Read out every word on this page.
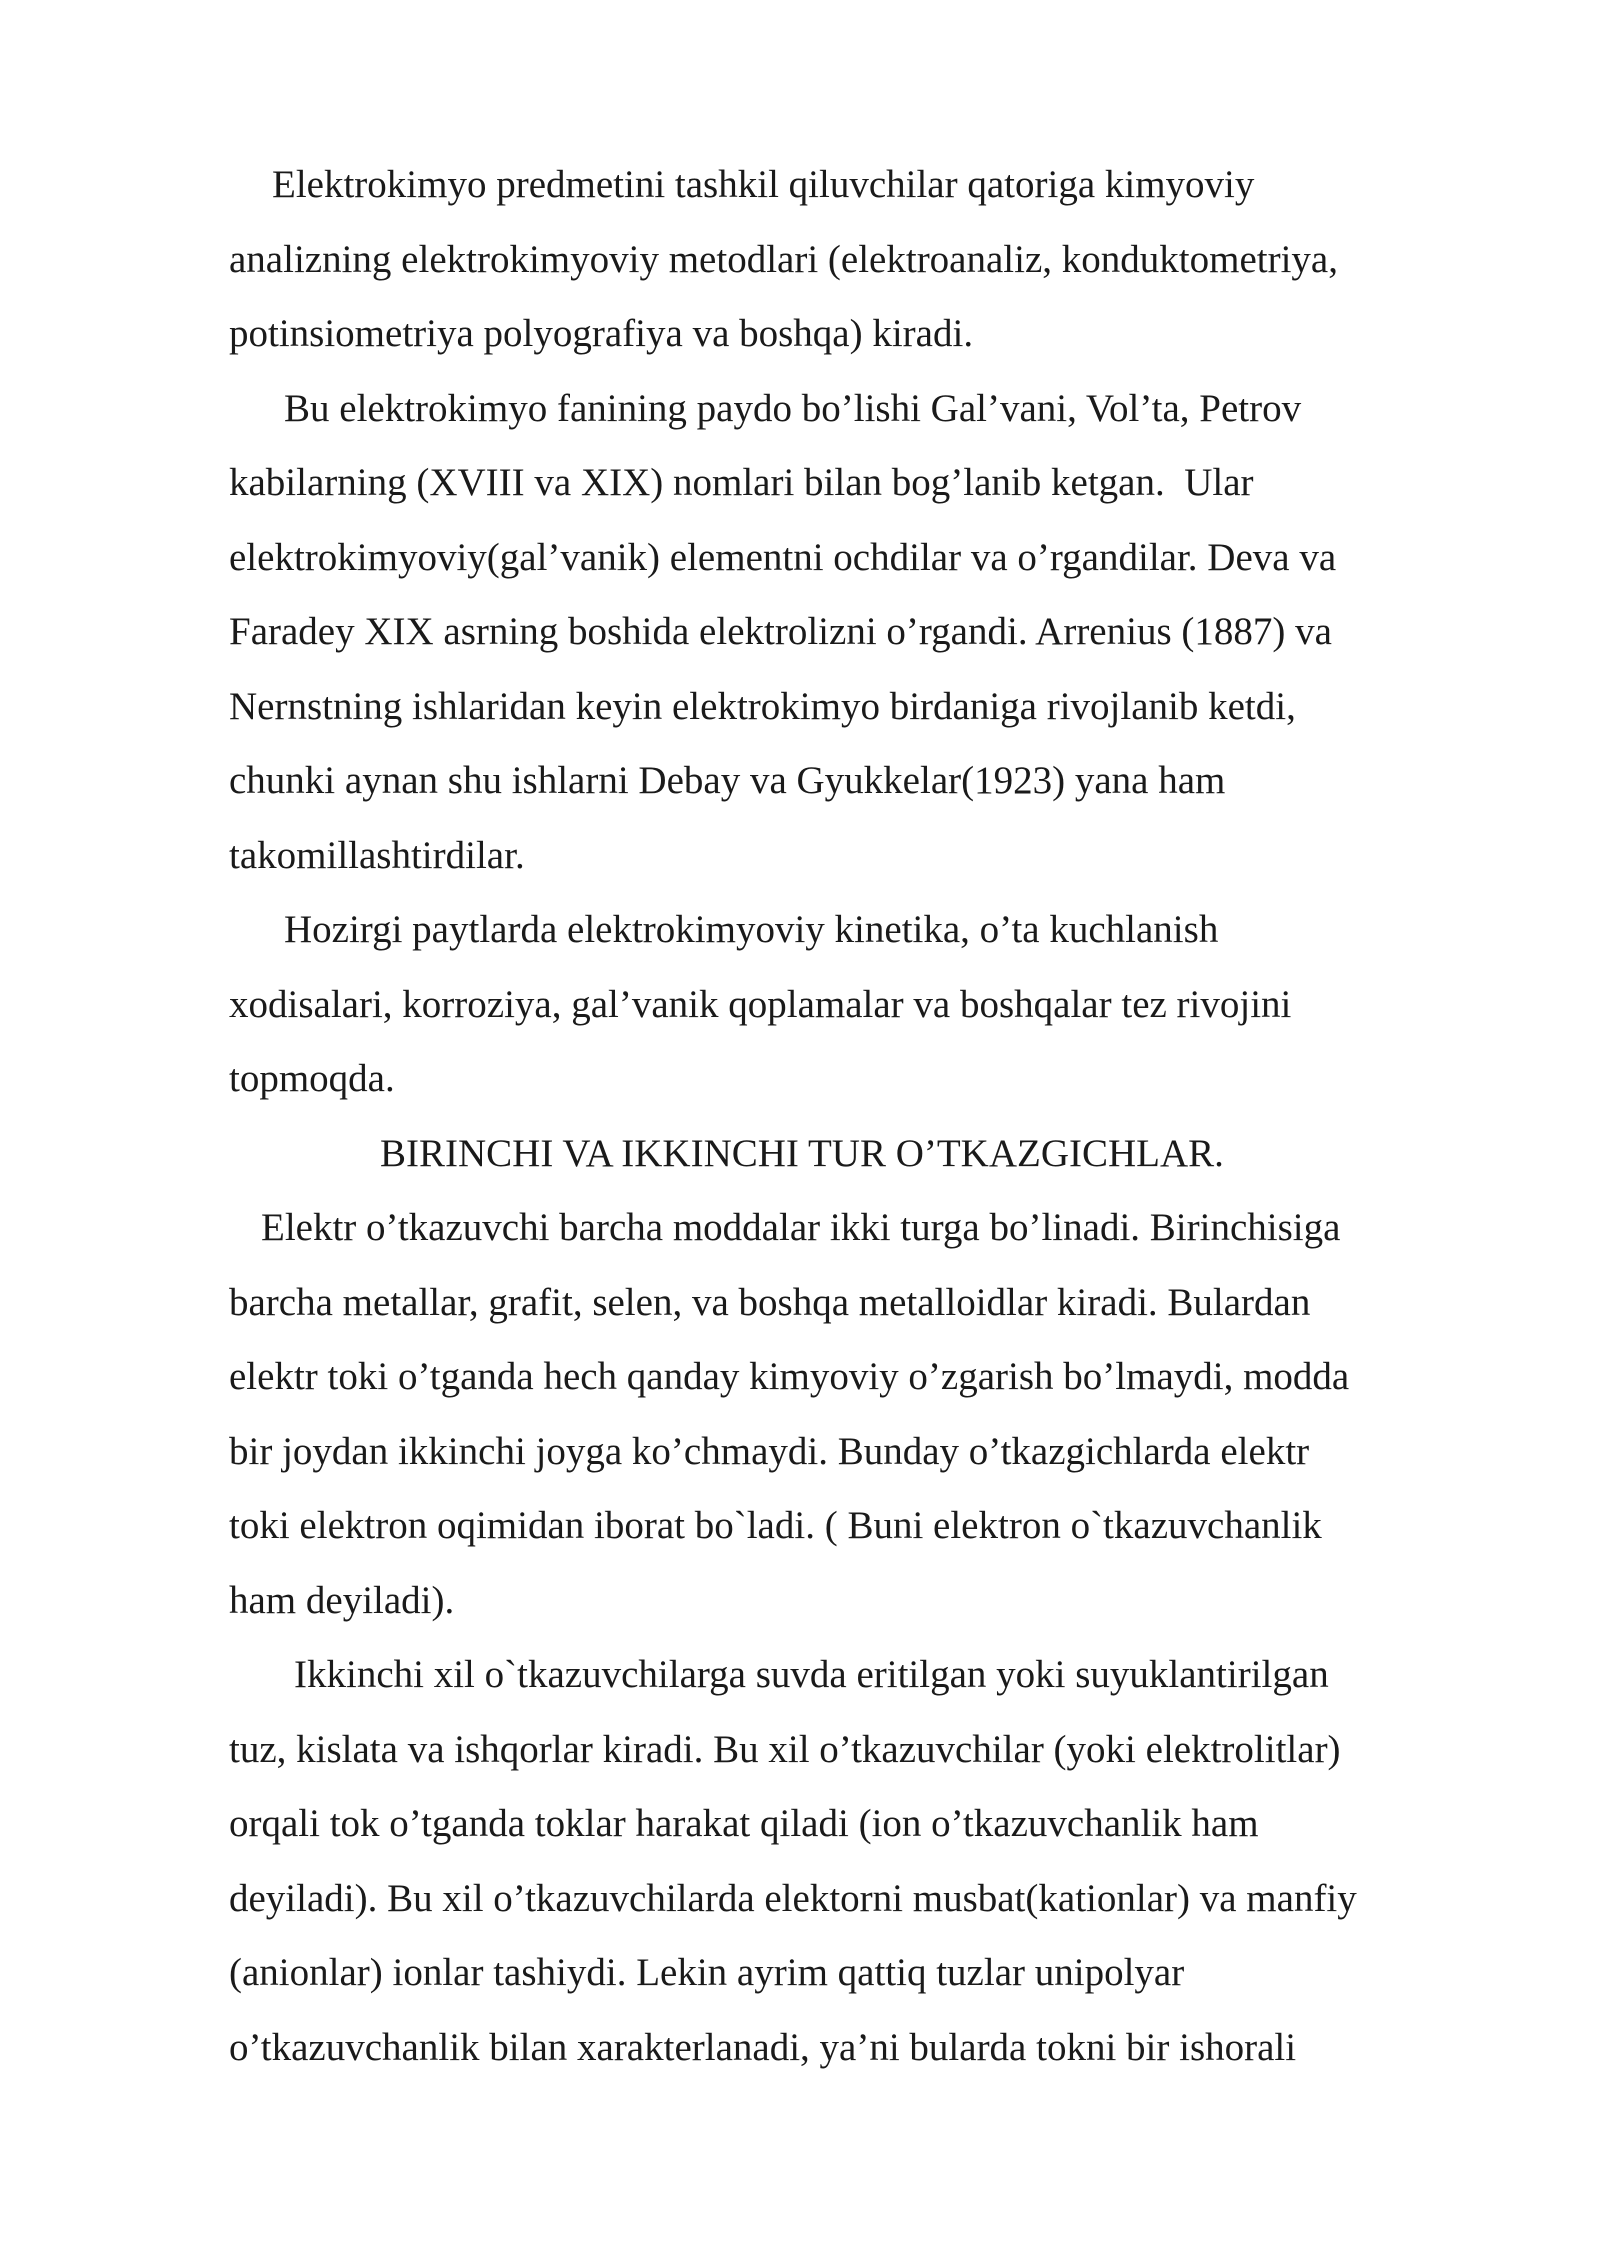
Elektrokimyo predmetini tashkil qiluvchilar qatoriga kimyoviy
analizning elektrokimyoviy metodlari (elektroanaliz, konduktometriya,
potinsiometriya polyografiya va boshqa) kiradi.
Bu elektrokimyo fanining paydo bo’lishi Gal’vani, Vol’ta, Petrov
kabilarning (XVIII va XIX) nomlari bilan bog’lanib ketgan.  Ular
elektrokimyoviy(gal’vanik) elementni ochdilar va o’rgandilar. Deva va
Faradey XIX asrning boshida elektrolizni o’rgandi. Arrenius (1887) va
Nernstning ishlaridan keyin elektrokimyo birdaniga rivojlanib ketdi,
chunki aynan shu ishlarni Debay va Gyukkelar(1923) yana ham
takomillashtirdilar.
Hozirgi paytlarda elektrokimyoviy kinetika, o’ta kuchlanish
xodisalari, korroziya, gal’vanik qoplamalar va boshqalar tez rivojini
topmoqda.
BIRINCHI VA IKKINCHI TUR O’TKAZGICHLAR.
Elektr o’tkazuvchi barcha moddalar ikki turga bo’linadi. Birinchisiga
barcha metallar, grafit, selen, va boshqa metalloidlar kiradi. Bulardan
elektr toki o’tganda hech qanday kimyoviy o’zgarish bo’lmaydi, modda
bir joydan ikkinchi joyga ko’chmaydi. Bunday o’tkazgichlarda elektr
toki elektron oqimidan iborat bo`ladi. ( Buni elektron o`tkazuvchanlik
ham deyiladi).
Ikkinchi xil o`tkazuvchilarga suvda eritilgan yoki suyuklantirilgan
tuz, kislata va ishqorlar kiradi. Bu xil o’tkazuvchilar (yoki elektrolitlar)
orqali tok o’tganda toklar harakat qiladi (ion o’tkazuvchanlik ham
deyiladi). Bu xil o’tkazuvchilarda elektorni musbat(kationlar) va manfiy
(anionlar) ionlar tashiydi. Lekin ayrim qattiq tuzlar unipolyar
o’tkazuvchanlik bilan xarakterlanadi, ya’ni bularda tokni bir ishorali
